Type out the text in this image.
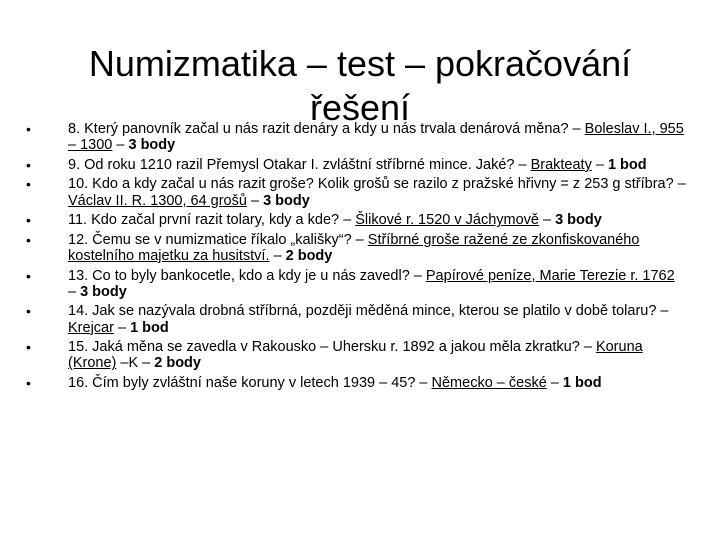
Numizmatika – test – pokračování řešení
•	8. Který panovník začal u nás razit denáry a kdy u nás trvala denárová měna? – Boleslav I., 955 – 1300 – 3 body
•	9. Od roku 1210 razil Přemysl Otakar I. zvláštní stříbrné mince. Jaké? – Brakteaty – 1 bod
•	10. Kdo a kdy začal u nás razit groše? Kolik grošů se razilo z pražské hřivny = z 253 g stříbra? – Václav II. R. 1300, 64 grošů – 3 body
•	11. Kdo začal první razit tolary, kdy a kde? – Šlikové r. 1520 v Jáchymově – 3 body
•	12. Čemu se v numizmatice říkalo „kališky“? – Stříbrné groše ražené ze zkonfiskovaného kostelního majetku za husitství. – 2 body
•	13. Co to byly bankocetle, kdo a kdy je u nás zavedl? – Papírové peníze, Marie Terezie r. 1762 – 3 body
•	14. Jak se nazývala drobná stříbrná, později měděná mince, kterou se platilo v době tolaru? – Krejcar – 1 bod
•	15. Jaká měna se zavedla v Rakousko – Uhersku r. 1892 a jakou měla zkratku? – Koruna (Krone) –K – 2 body
•	16. Čím byly zvláštní naše koruny v letech 1939 – 45? – Německo – české – 1 bod
